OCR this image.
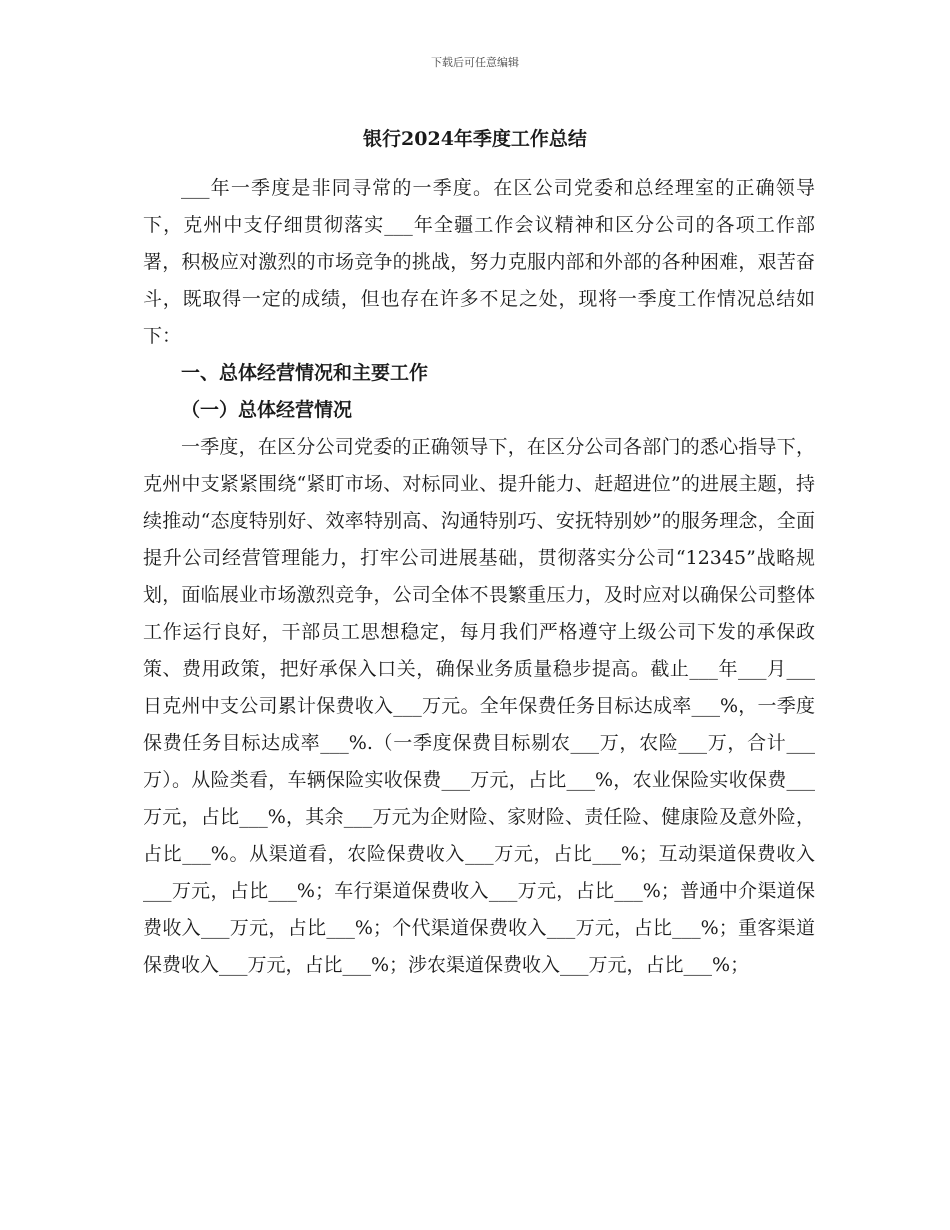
下载后可任意编辑
银行2024年季度工作总结

___年一季度是非同寻常的一季度。在区公司党委和总经理室的正确领导下，克州中支仔细贯彻落实___年全疆工作会议精神和区分公司的各项工作部署，积极应对激烈的市场竞争的挑战，努力克服内部和外部的各种困难，艰苦奋斗，既取得一定的成绩，但也存在许多不足之处，现将一季度工作情况总结如下：

一、总体经营情况和主要工作

（一）总体经营情况

一季度，在区分公司党委的正确领导下，在区分公司各部门的悉心指导下，克州中支紧紧围绕“紧盯市场、对标同业、提升能力、赶超进位”的进展主题，持续推动“态度特别好、效率特别高、沟通特别巧、安抚特别妙”的服务理念，全面提升公司经营管理能力，打牢公司进展基础，贯彻落实分公司“12345”战略规划，面临展业市场激烈竞争，公司全体不畏繁重压力，及时应对以确保公司整体工作运行良好，干部员工思想稳定，每月我们严格遵守上级公司下发的承保政策、费用政策，把好承保入口关，确保业务质量稳步提高。截止___年___月___日克州中支公司累计保费收入___万元。全年保费任务目标达成率___%，一季度保费任务目标达成率___%.（一季度保费目标剔农___万，农险___万，合计___万）。从险类看，车辆保险实收保费___万元，占比___%，农业保险实收保费___万元，占比___%，其余___万元为企财险、家财险、责任险、健康险及意外险，占比___%。从渠道看，农险保费收入___万元，占比___%；互动渠道保费收入___万元，占比___%；车行渠道保费收入___万元，占比___%；普通中介渠道保费收入___万元，占比___%；个代渠道保费收入___万元，占比___%；重客渠道保费收入___万元，占比___%；涉农渠道保费收入___万元，占比___%；
